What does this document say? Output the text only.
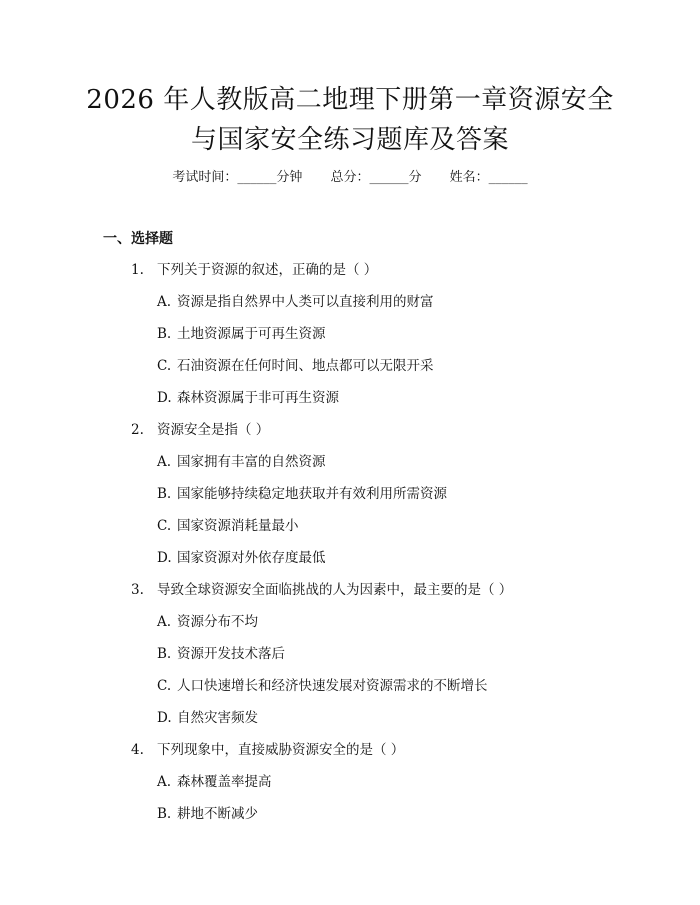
2026 年人教版高二地理下册第一章资源安全
与国家安全练习题库及答案
考试时间：______分钟 总分：______分 姓名：______
一、选择题
1. 下列关于资源的叙述，正确的是（ ）
A. 资源是指自然界中人类可以直接利用的财富
B. 土地资源属于可再生资源
C. 石油资源在任何时间、地点都可以无限开采
D. 森林资源属于非可再生资源
2. 资源安全是指（ ）
A. 国家拥有丰富的自然资源
B. 国家能够持续稳定地获取并有效利用所需资源
C. 国家资源消耗量最小
D. 国家资源对外依存度最低
3. 导致全球资源安全面临挑战的人为因素中，最主要的是（ ）
A. 资源分布不均
B. 资源开发技术落后
C. 人口快速增长和经济快速发展对资源需求的不断增长
D. 自然灾害频发
4. 下列现象中，直接威胁资源安全的是（ ）
A. 森林覆盖率提高
B. 耕地不断减少
